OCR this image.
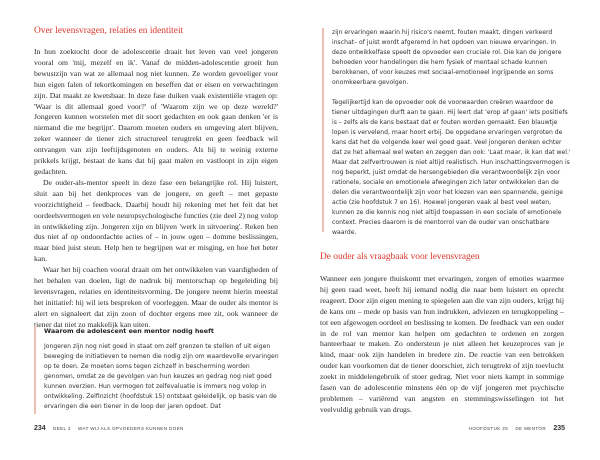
Over levensvragen, relaties en identiteit

In hun zoektocht door de adolescentie draait het leven van veel jongeren vooral om 'mij, mezelf en ik'. Vanaf de midden-adolescentie groeit hun bewustzijn van wat ze allemaal nog niet kunnen. Ze worden gevoeliger voor hun eigen falen of tekortkomingen en beseffen dat er eisen en verwachtingen zijn. Dat maakt ze kwetsbaar. In deze fase duiken vaak existentiële vragen op: 'Waar is dit allemaal goed voor?' of 'Waarom zijn we op deze wereld?' Jongeren kunnen worstelen met dit soort gedachten en ook gaan denken 'er is niemand die me begrijpt'. Daarom moeten ouders en omgeving alert blijven, zeker wanneer de tiener zich structureel terugtrekt en geen feedback wil ontvangen van zijn leeftijdsgenoten en ouders. Als hij te weinig externe prikkels krijgt, bestaat de kans dat hij gaat malen en vastloopt in zijn eigen gedachten.

De ouder-als-mentor speelt in deze fase een belangrijke rol. Hij luistert, sluit aan bij het denkproces van de jongere, en geeft – met gepaste voorzichtigheid – feedback. Daarbij houdt hij rekening met het feit dat het oordeelsvermogen en vele neuropsychologische functies (zie deel 2) nog volop in ontwikkeling zijn. Jongeren zijn en blijven 'werk in uitvoering'. Reken hen dus niet af op ondoordachte acties of – in jouw ogen – domme beslissingen, maar bied juist steun. Help hen te begrijpen wat er misging, en hoe het beter kan.

Waar het bij coachen vooral draait om het ontwikkelen van vaardigheden of het behalen van doelen, ligt de nadruk bij mentorschap op begeleiding bij levensvragen, relaties en identiteitsvorming. De jongere neemt hierin meestal het initiatief: hij wil iets bespreken of voorleggen. Maar de ouder als mentor is alert en signaleert dat zijn zoon of dochter ergens mee zit, ook wanneer de tiener dat niet zo makkelijk kan uiten.

Waarom de adolescent een mentor nodig heeft

Jongeren zijn nog niet goed in staat om zelf grenzen te stellen of uit eigen beweging de initiatieven te nemen die nodig zijn om waardevolle ervaringen op te doen. Ze moeten soms tegen zichzelf in bescherming worden genomen, omdat ze de gevolgen van hun keuzes en gedrag nog niet goed kunnen overzien. Hun vermogen tot zelfevaluatie is immers nog volop in ontwikkeling. Zelfinzicht (hoofdstuk 15) ontstaat geleidelijk, op basis van de ervaringen die een tiener in de loop der jaren opdoet. Dat

234 DEEL 3 WAT WIJ ALS OPVOEDERS KUNNEN DOEN

zijn ervaringen waarin hij risico's neemt, fouten maakt, dingen verkeerd inschat– of juist wordt afgeremd in het opdoen van nieuwe ervaringen. In deze ontwikkelfase speelt de opvoeder een cruciale rol. Die kan de jongere behoeden voor handelingen die hem fysiek of mentaal schade kunnen berokkenen, of voor keuzes met sociaal-emotioneel ingrijpende en soms onomkeerbare gevolgen.

Tegelijkertijd kan de opvoeder ook de voorwaarden creëren waardoor de tiener uitdagingen durft aan te gaan. Hij leert dat 'erop af gaan' iets positiefs is – zelfs als de kans bestaat dat er fouten worden gemaakt. Een blauwtje lopen is vervelend, maar hoort erbij. De opgedane ervaringen vergroten de kans dat het de volgende keer wel goed gaat. Veel jongeren denken echter dat ze het allemaal wel weten en zeggen dan ook: 'Laat maar, ik kan dat wel.' Maar dat zelfvertrouwen is niet altijd realistisch. Hun inschattingsvermogen is nog beperkt, juist omdat de hersengebieden die verantwoordelijk zijn voor rationele, sociale en emotionele afwegingen zich later ontwikkelen dan de delen die verantwoordelijk zijn voor het kiezen van een spannende, geinige actie (zie hoofdstuk 7 en 16). Hoewel jongeren vaak al best veel weten, kunnen ze die kennis nog niet altijd toepassen in een sociale of emotionele context. Precies daarom is de mentorrol van de ouder van onschatbare waarde.

De ouder als vraagbaak voor levensvragen

Wanneer een jongere thuiskomt met ervaringen, zorgen of emoties waarmee hij geen raad weet, heeft hij iemand nodig die naar hem luistert en oprecht reageert. Door zijn eigen mening te spiegelen aan die van zijn ouders, krijgt hij de kans om – mede op basis van hun indrukken, adviezen en terugkoppeling – tot een afgewogen oordeel en beslissing te komen. De feedback van een ouder in de rol van mentor kan helpen om gedachten te ordenen en zorgen hanteerbaar te maken. Zo ondersteun je niet alleen het keuzeproces van je kind, maar ook zijn handelen in bredere zin. De reactie van een betrokken ouder kan voorkomen dat de tiener doorschiet, zich terugtrekt of zijn toevlucht zoekt in middelengebruik of stoer gedrag. Niet voor niets kampt in sommige fasen van de adolescentie minstens één op de vijf jongeren met psychische problemen – variërend van angsten en stemmingswisselingen tot het veelvuldig gebruik van drugs.

HOOFDSTUK 25 DE MENTOR 235
